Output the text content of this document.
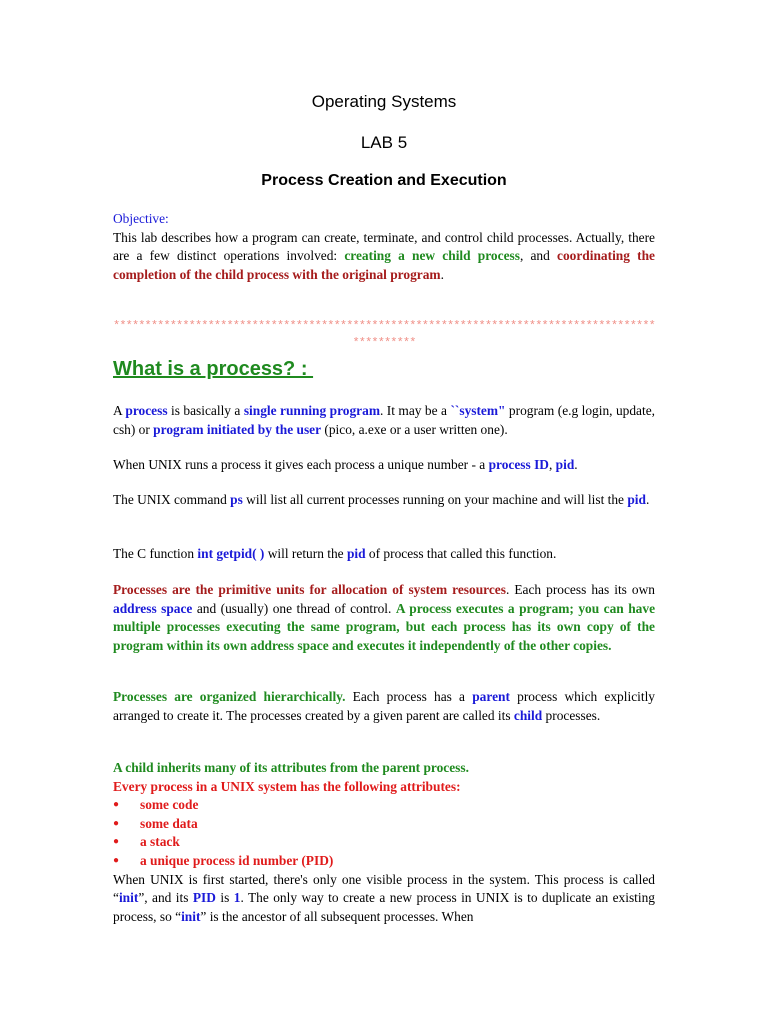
Operating Systems
LAB 5
Process Creation and Execution
Objective:
This lab describes how a program can create, terminate, and control child processes. Actually, there are a few distinct operations involved: creating a new child process, and coordinating the completion of the child process with the original program.
************************************************************************************************
What is a process? :
A process is basically a single running program. It may be a ``system" program (e.g login, update, csh) or program initiated by the user (pico, a.exe or a user written one).
When UNIX runs a process it gives each process a unique number - a process ID, pid.
The UNIX command ps will list all current processes running on your machine and will list the pid.
The C function int getpid( ) will return the pid of process that called this function.
Processes are the primitive units for allocation of system resources. Each process has its own address space and (usually) one thread of control. A process executes a program; you can have multiple processes executing the same program, but each process has its own copy of the program within its own address space and executes it independently of the other copies.
Processes are organized hierarchically. Each process has a parent process which explicitly arranged to create it. The processes created by a given parent are called its child processes.
A child inherits many of its attributes from the parent process.
Every process in a UNIX system has the following attributes:
● some code
● some data
● a stack
● a unique process id number (PID)
When UNIX is first started, there's only one visible process in the system. This process is called “init”, and its PID is 1. The only way to create a new process in UNIX is to duplicate an existing process, so “init” is the ancestor of all subsequent processes. When
